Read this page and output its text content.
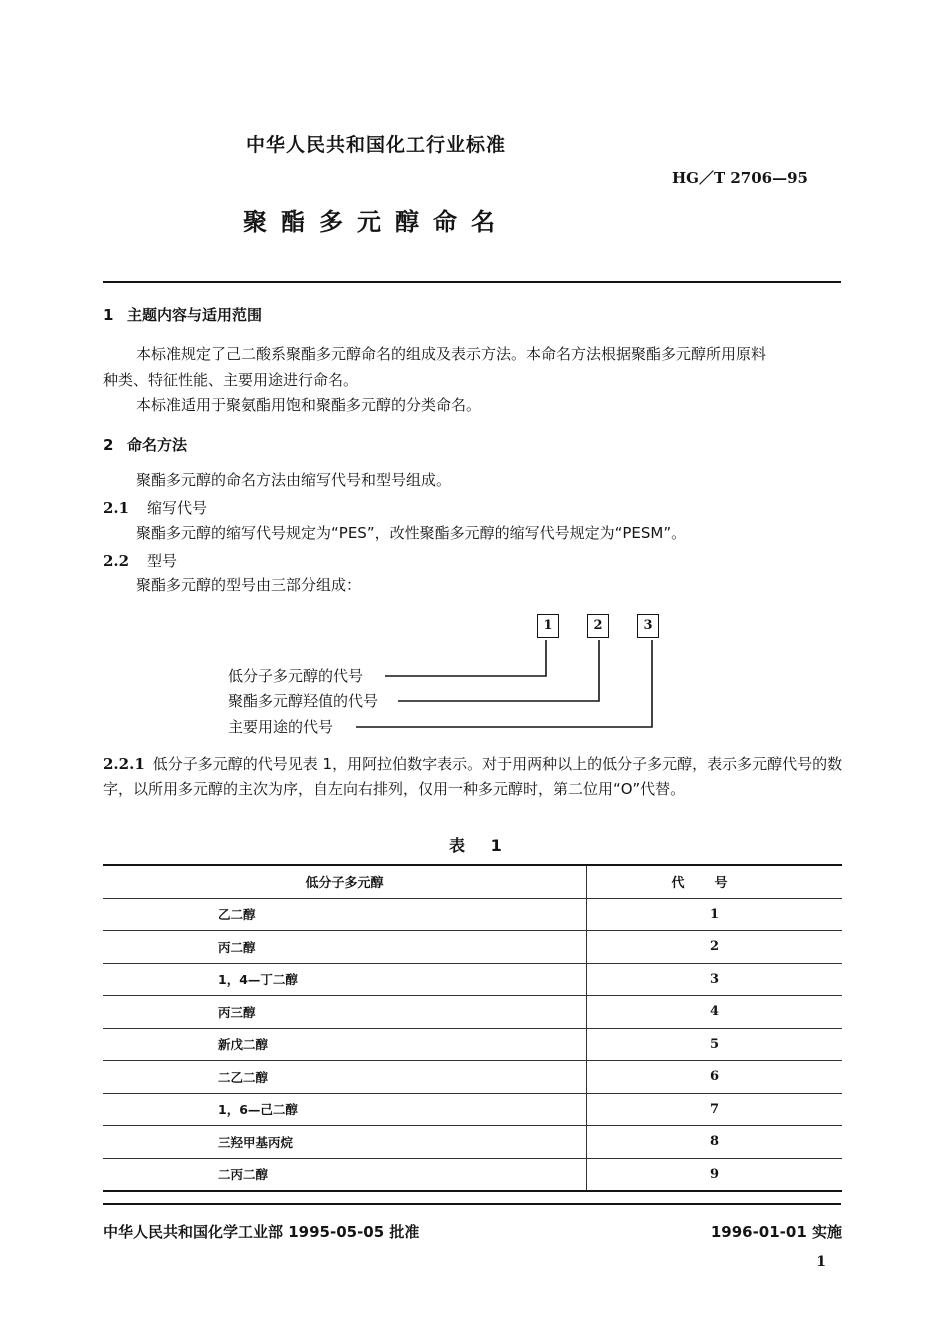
中华人民共和国化工行业标准
HG／T 2706—95
聚酯多元醇命名
1 主题内容与适用范围
本标准规定了己二酸系聚酯多元醇命名的组成及表示方法。本命名方法根据聚酯多元醇所用原料
种类、特征性能、主要用途进行命名。
本标准适用于聚氨酯用饱和聚酯多元醇的分类命名。
2 命名方法
聚酯多元醇的命名方法由缩写代号和型号组成。
2.1 缩写代号
聚酯多元醇的缩写代号规定为“PES”，改性聚酯多元醇的缩写代号规定为“PESM”。
2.2 型号
聚酯多元醇的型号由三部分组成：
1	2	3
低分子多元醇的代号
聚酯多元醇羟值的代号
主要用途的代号
2.2.1 低分子多元醇的代号见表 1，用阿拉伯数字表示。对于用两种以上的低分子多元醇，表示多元醇代号的数字，以所用多元醇的主次为序，自左向右排列，仅用一种多元醇时，第二位用“O”代替。
表 1
低分子多元醇	代号
乙二醇	1
丙二醇	2
1，4—丁二醇	3
丙三醇	4
新戊二醇	5
二乙二醇	6
1，6—己二醇	7
三羟甲基丙烷	8
二丙二醇	9
中华人民共和国化学工业部 1995-05-05 批准	1996-01-01 实施
1
